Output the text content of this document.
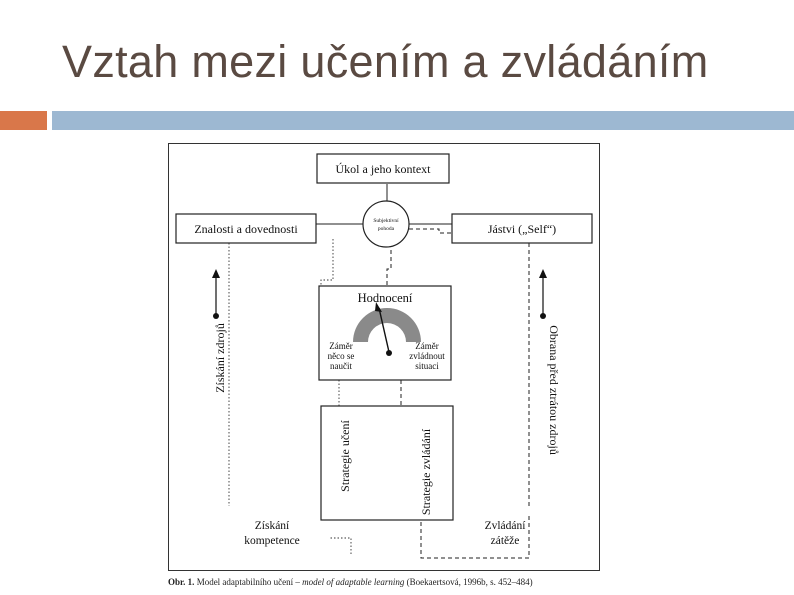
Vztah mezi učením a zvládáním
Úkol a jeho kontext
Znalosti a dovednosti	Jástvi („Self“)
Subjektivní
pohoda
Hodnocení
Záměr
něco se
naučit
Záměr
zvládnout
situaci
Strategie učení	Strategie zvládání
Získání zdrojů	Obrana před ztrátou zdrojů
Získání
kompetence
Zvládání
zátěže
Obr. 1. Model adaptabilního učení – model of adaptable learning (Boekaertsová, 1996b, s. 452–484)
